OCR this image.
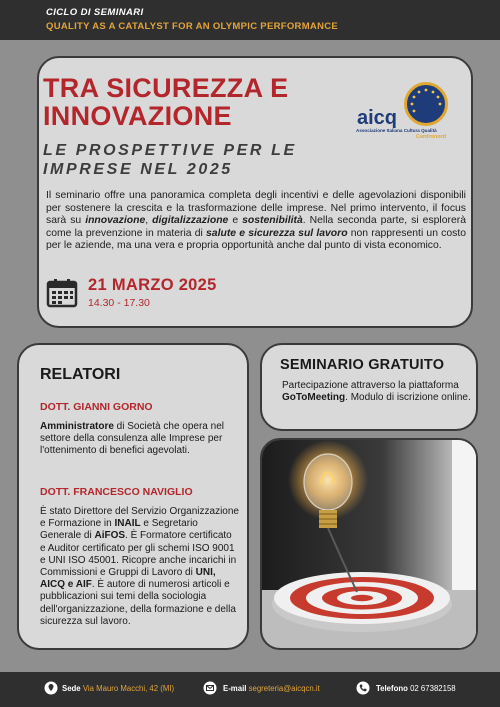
CICLO DI SEMINARI
QUALITY AS A CATALYST FOR AN OLYMPIC PERFORMANCE
TRA SICUREZZA E
INNOVAZIONE
LE PROSPETTIVE PER LE
IMPRESE NEL 2025
aicq
Associazione Italiana Cultura Qualità
Centronord

Il seminario offre una panoramica completa degli incentivi e delle agevolazioni disponibili per sostenere la crescita e la trasformazione delle imprese. Nel primo intervento, il focus sarà su innovazione, digitalizzazione e sostenibilità. Nella seconda parte, si esplorerà come la prevenzione in materia di salute e sicurezza sul lavoro non rappresenti un costo per le aziende, ma una vera e propria opportunità anche dal punto di vista economico.

21 MARZO 2025
14.30 - 17.30
RELATORI
DOTT. GIANNI GORNO

Amministratore di Società che opera nel settore della consulenza alle Imprese per l'ottenimento di benefici agevolati.

DOTT. FRANCESCO NAVIGLIO

È stato Direttore del Servizio Organizzazione e Formazione in INAIL e Segretario Generale di AiFOS. È Formatore certificato e Auditor certificato per gli schemi ISO 9001 e UNI ISO 45001. Ricopre anche incarichi in Commissioni e Gruppi di Lavoro di UNI, AICQ e AIF. È autore di numerosi articoli e pubblicazioni sui temi della sociologia dell'organizzazione, della formazione e della sicurezza sul lavoro.

SEMINARIO GRATUITO

Partecipazione attraverso la piattaforma GoToMeeting. Modulo di iscrizione online.

Sede Via Mauro Macchi, 42 (MI)	E-mail segreteria@aicqcn.it	Telefono 02 67382158
